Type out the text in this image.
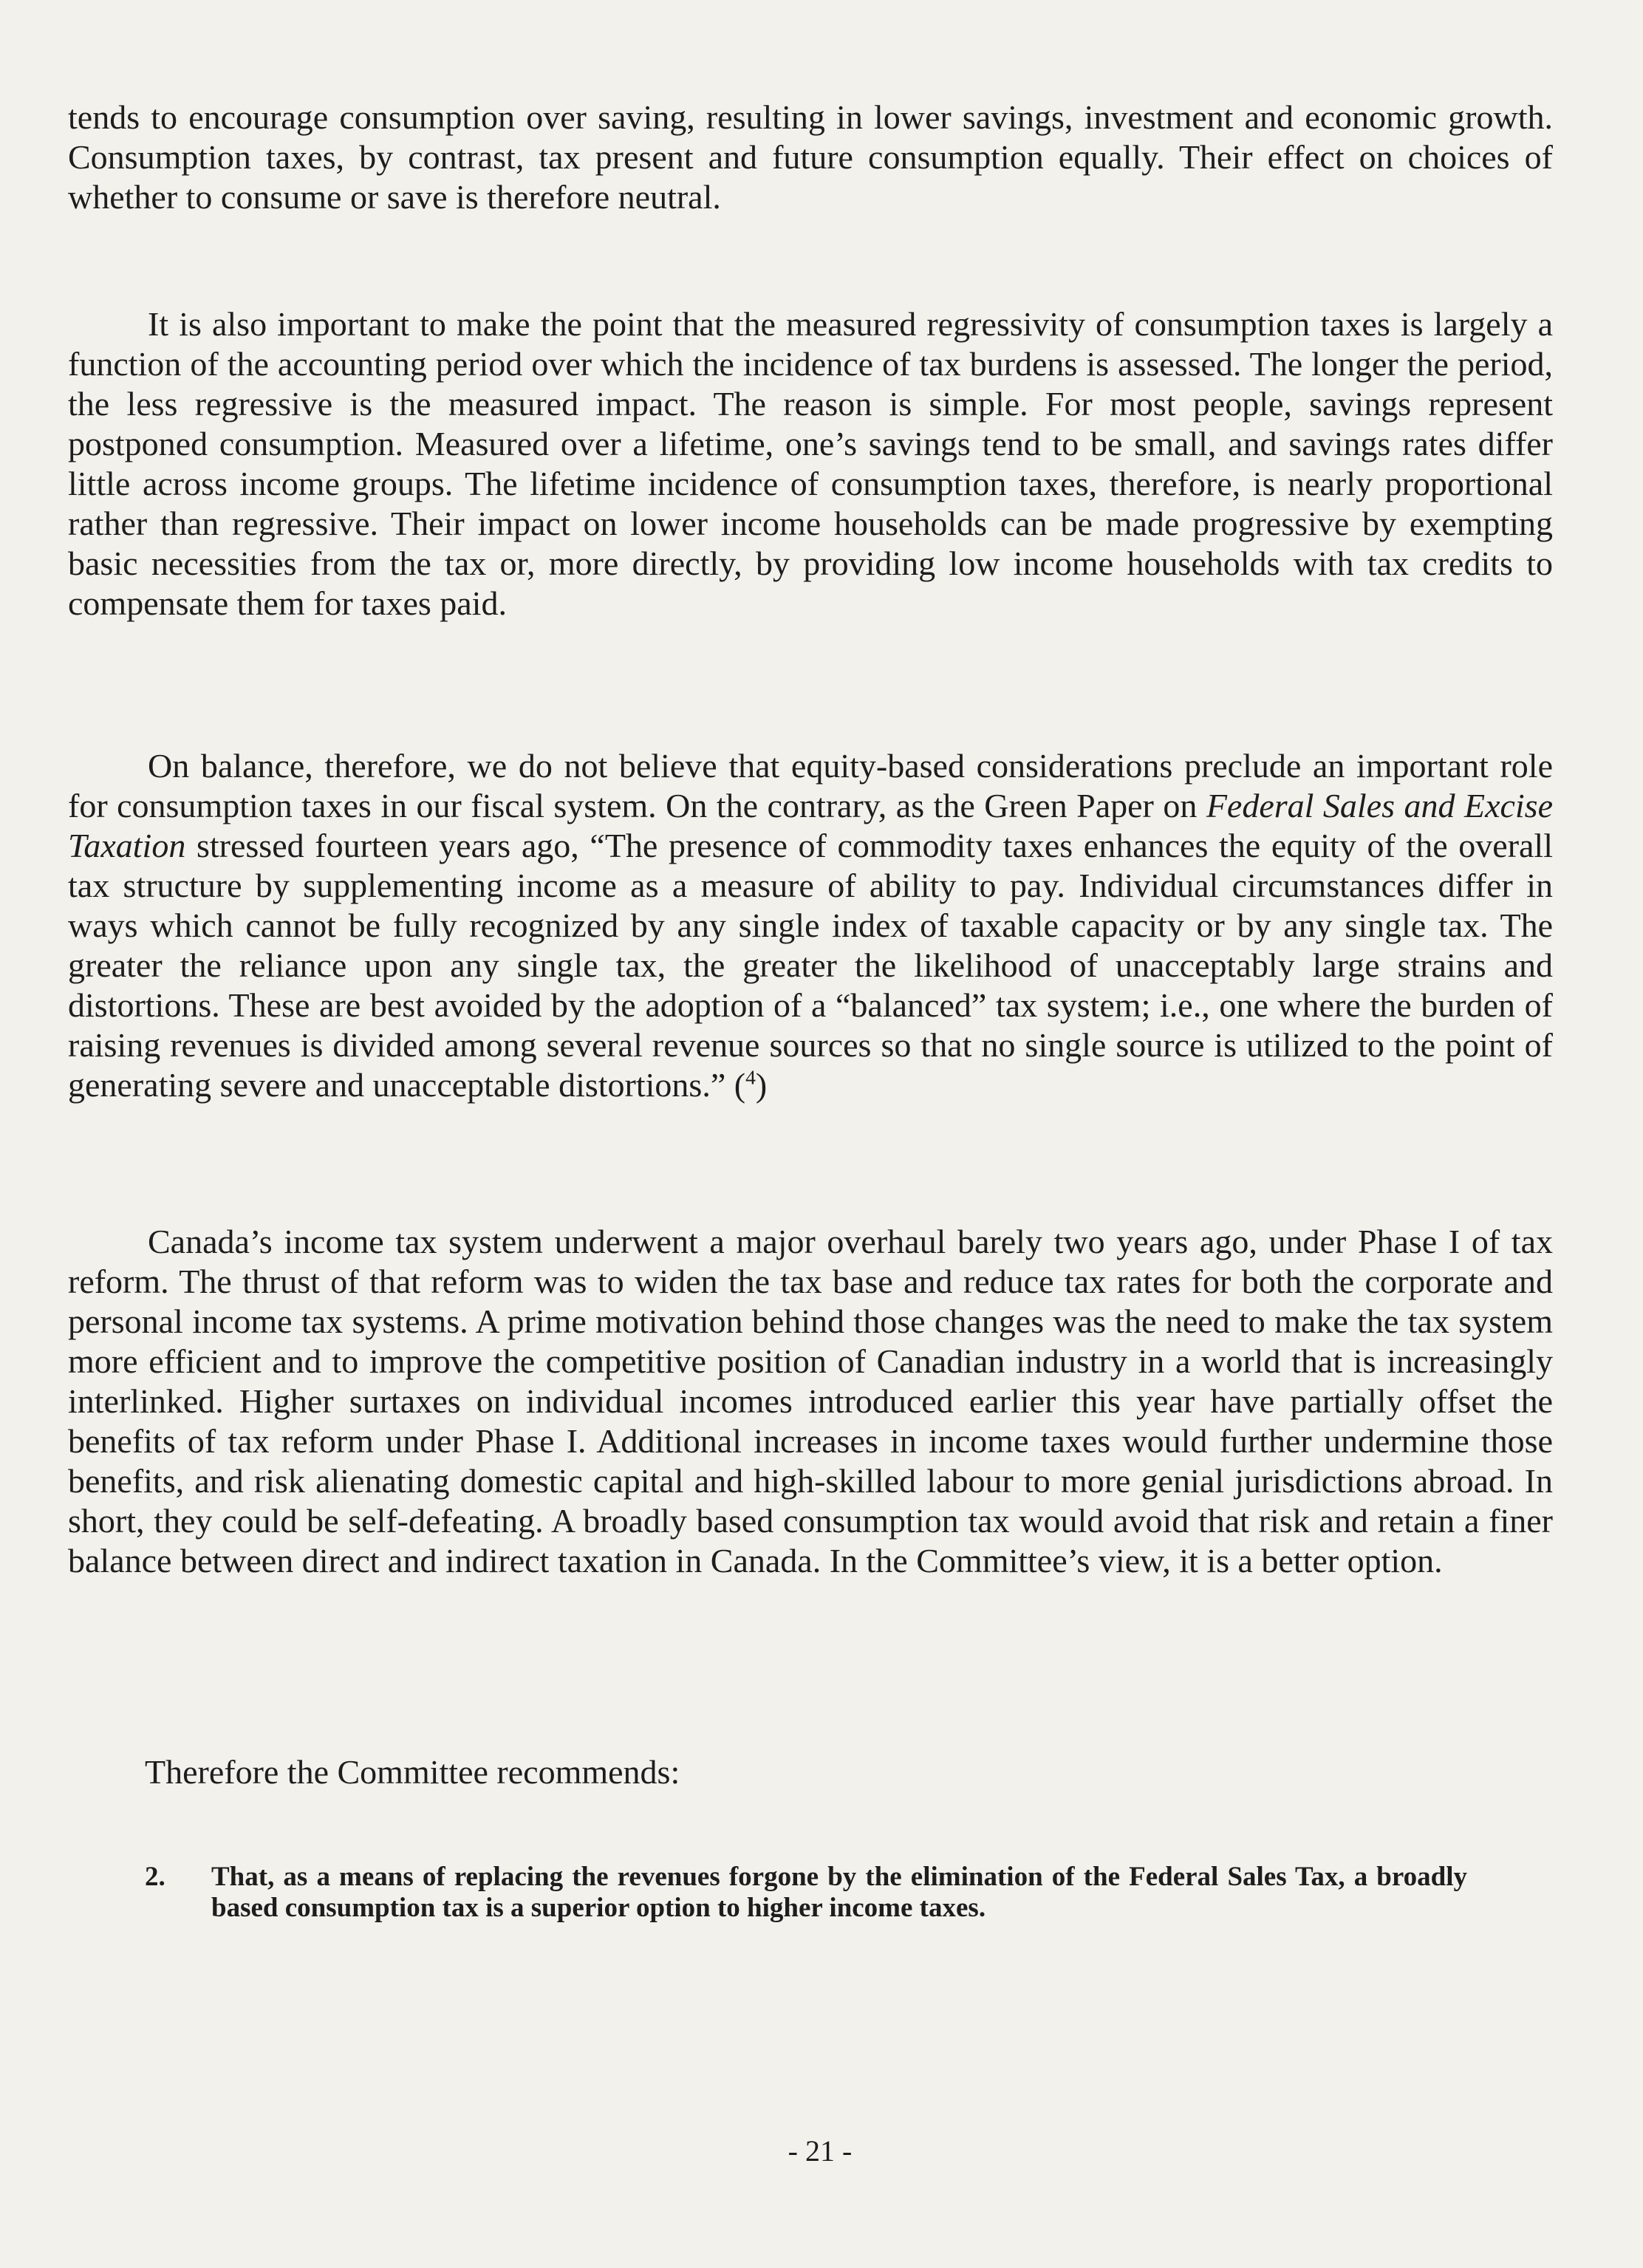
tends to encourage consumption over saving, resulting in lower savings, investment and economic growth. Consumption taxes, by contrast, tax present and future consumption equally. Their effect on choices of whether to consume or save is therefore neutral.

It is also important to make the point that the measured regressivity of consumption taxes is largely a function of the accounting period over which the incidence of tax burdens is assessed. The longer the period, the less regressive is the measured impact. The reason is simple. For most people, savings represent postponed consumption. Measured over a lifetime, one’s savings tend to be small, and savings rates differ little across income groups. The lifetime incidence of consumption taxes, therefore, is nearly proportional rather than regressive. Their impact on lower income households can be made progressive by exempting basic necessities from the tax or, more directly, by providing low income households with tax credits to compensate them for taxes paid.

On balance, therefore, we do not believe that equity-based considerations preclude an important role for consumption taxes in our fiscal system. On the contrary, as the Green Paper on Federal Sales and Excise Taxation stressed fourteen years ago, “The presence of commodity taxes enhances the equity of the overall tax structure by supplementing income as a measure of ability to pay. Individual circumstances differ in ways which cannot be fully recognized by any single index of taxable capacity or by any single tax. The greater the reliance upon any single tax, the greater the likelihood of unacceptably large strains and distortions. These are best avoided by the adoption of a “balanced” tax system; i.e., one where the burden of raising revenues is divided among several revenue sources so that no single source is utilized to the point of generating severe and unacceptable distortions.” ($^4$)

Canada’s income tax system underwent a major overhaul barely two years ago, under Phase I of tax reform. The thrust of that reform was to widen the tax base and reduce tax rates for both the corporate and personal income tax systems. A prime motivation behind those changes was the need to make the tax system more efficient and to improve the competitive position of Canadian industry in a world that is increasingly interlinked. Higher surtaxes on individual incomes introduced earlier this year have partially offset the benefits of tax reform under Phase I. Additional increases in income taxes would further undermine those benefits, and risk alienating domestic capital and high-skilled labour to more genial jurisdictions abroad. In short, they could be self-defeating. A broadly based consumption tax would avoid that risk and retain a finer balance between direct and indirect taxation in Canada. In the Committee’s view, it is a better option.

Therefore the Committee recommends:

2. That, as a means of replacing the revenues forgone by the elimination of the Federal Sales Tax, a broadly based consumption tax is a superior option to higher income taxes.
- 21 -
